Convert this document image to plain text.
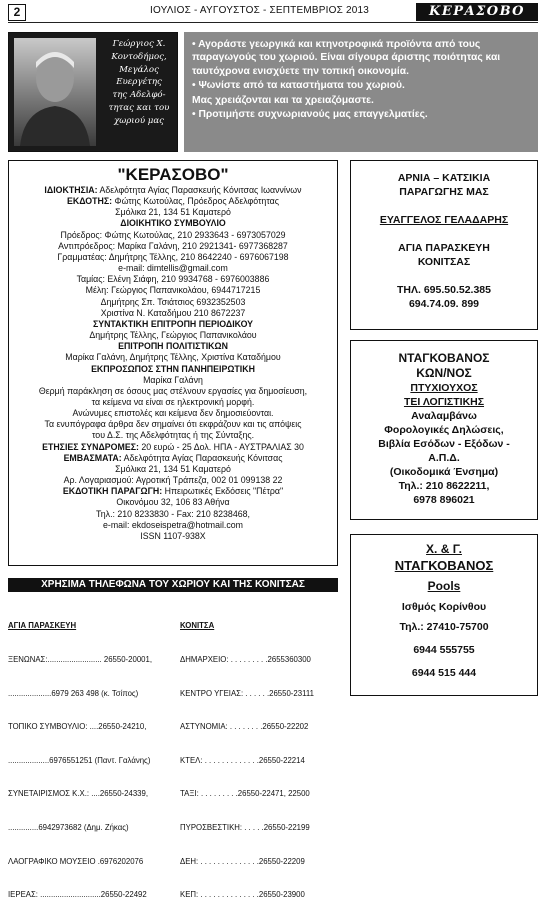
2	ΙΟΥΛΙΟΣ - ΑΥΓΟΥΣΤΟΣ - ΣΕΠΤΕΜΒΡΙΟΣ 2013	ΚΕΡΑΣΟΒΟ
Γεώργιος Χ.
Κοντοδήμος,
Μεγάλος
Ευεργέτης
της Αδελφό-
τητας και του
χωριού μας

• Αγοράστε γεωργικά και κτηνοτροφικά προϊόντα από τους παραγωγούς του χωριού. Είναι σίγουρα άριστης ποιότητας και ταυτόχρονα ενισχύετε την τοπική οικονομία.

• Ψωνίστε από τα καταστήματα του χωριού.

Μας χρειάζονται και τα χρειαζόμαστε.

• Προτιμήστε συχνωριανούς μας επαγγελματίες.

"ΚΕΡΑΣΟΒΟ"
ΙΔΙΟΚΤΗΣΙΑ: Αδελφότητα Αγίας Παρασκευής Κόνιτσας Ιωαννίνων
ΕΚΔΟΤΗΣ: Φώτης Κωτούλας, Πρόεδρος Αδελφότητας
Σμόλικα 21, 134 51 Καματερό
ΔΙΟΙΚΗΤΙΚΟ ΣΥΜΒΟΥΛΙΟ
Πρόεδρος: Φώτης Κωτούλας, 210 2933643 - 6973057029
Αντιπρόεδρος: Μαρίκα Γαλάνη, 210 2921341- 6977368287
Γραμματέας: Δημήτρης Τέλλης, 210 8642240 - 6976067198
e-mail: dimtellis@gmail.com
Ταμίας: Ελένη Σιάφη, 210 9934768 - 6976003886
Μέλη: Γεώργιος Παπανικολάου, 6944717215
Δημήτρης Σπ. Τσιάτσιος 6932352503
Χριστίνα Ν. Καταδήμου 210 8672237
ΣΥΝΤΑΚΤΙΚΗ ΕΠΙΤΡΟΠΗ ΠΕΡΙΟΔΙΚΟΥ
Δημήτρης Τέλλης, Γεώργιος Παπανικολάου
ΕΠΙΤΡΟΠΗ ΠΟΛΙΤΙΣΤΙΚΩΝ
Μαρίκα Γαλάνη, Δημήτρης Τέλλης, Χριστίνα Καταδήμου
ΕΚΠΡΟΣΩΠΟΣ ΣΤΗΝ ΠΑΝΗΠΕΙΡΩΤΙΚΗ
Μαρίκα Γαλάνη
Θερμή παράκληση σε όσους μας στέλνουν εργασίες για δημοσίευση,
τα κείμενα να είναι σε ηλεκτρονική μορφή.
Ανώνυμες επιστολές και κείμενα δεν δημοσιεύονται.
Τα ενυπόγραφα άρθρα δεν σημαίνει ότι εκφράζουν και τις απόψεις
του Δ.Σ. της Αδελφότητας ή της Σύνταξης.
ΕΤΗΣΙΕΣ ΣΥΝΔΡΟΜΕΣ: 20 ευρώ - 25 Δολ. ΗΠΑ - ΑΥΣΤΡΑΛΙΑΣ 30
ΕΜΒΑΣΜΑΤΑ: Αδελφότητα Αγίας Παρασκευής Κόνιτσας
Σμόλικα 21, 134 51 Καματερό
Αρ. Λογαριασμού: Αγροτική Τράπεζα, 002 01 099138 22
ΕΚΔΟΤΙΚΗ ΠΑΡΑΓΩΓΗ: Ηπειρωτικές Εκδόσεις "Πέτρα"
Οικονόμου 32, 106 83 Αθήνα
Τηλ.: 210 8233830 - Fax: 210 8238468,
e-mail: ekdoseispetra@hotmail.com
ISSN 1107-938X
ΑΡΝΙΑ – ΚΑΤΣΙΚΙΑ
ΠΑΡΑΓΩΓΗΣ ΜΑΣ
ΕΥΑΓΓΕΛΟΣ ΓΕΛΑΔΑΡΗΣ
ΑΓΙΑ ΠΑΡΑΣΚΕΥΗ
ΚΟΝΙΤΣΑΣ
ΤΗΛ. 695.50.52.385
694.74.09. 899
ΝΤΑΓΚΟΒΑΝΟΣ
ΚΩΝ/ΝΟΣ
ΠΤΥΧΙΟΥΧΟΣ
ΤΕΙ ΛΟΓΙΣΤΙΚΗΣ
Αναλαμβάνω
Φορολογικές Δηλώσεις,
Βιβλία Εσόδων - Εξόδων -
Α.Π.Δ.
(Οικοδομικά Ένσημα)
Τηλ.: 210 8622211,
6978 896021
Χ. & Γ.
ΝΤΑΓΚΟΒΑΝΟΣ
Pools
Ισθμός Κορίνθου
Τηλ.: 27410-75700
6944 555755
6944 515 444
ΧΡΗΣΙΜΑ ΤΗΛΕΦΩΝΑ ΤΟΥ ΧΩΡΙΟΥ ΚΑΙ ΤΗΣ ΚΟΝΙΤΣΑΣ

ΑΓΙΑ ΠΑΡΑΣΚΕΥΗ

ΞΕΝΩΝΑΣ:......................... 26550-20001,

....................6979 263 498 (κ. Τσίπος)

ΤΟΠΙΚΟ ΣΥΜΒΟΥΛΙΟ: ....26550-24210,

...................6976551251 (Παντ. Γαλάνης)

ΣΥΝΕΤΑΙΡΙΣΜΟΣ Κ.Χ.: ....26550-24339,

..............6942973682 (Δημ. Ζήκας)

ΛΑΟΓΡΑΦΙΚΟ ΜΟΥΣΕΙΟ .6976202076

ΙΕΡΕΑΣ: ............................26550-22492

ΚΟΝΙΤΣΑ

ΔΗΜΑΡΧΕΙΟ: . . . . . . . . .2655360300

ΚΕΝΤΡΟ ΥΓΕΙΑΣ: . . . . . .26550-23111

ΑΣΤΥΝΟΜΙΑ: . . . . . . . .26550-22202

ΚΤΕΛ: . . . . . . . . . . . . .26550-22214

ΤΑΞΙ: . . . . . . . . .26550-22471, 22500

ΠΥΡΟΣΒΕΣΤΙΚΗ: . . . . .26550-22199

ΔΕΗ: . . . . . . . . . . . . . .26550-22209

ΚΕΠ: . . . . . . . . . . . . . .26550-23900
